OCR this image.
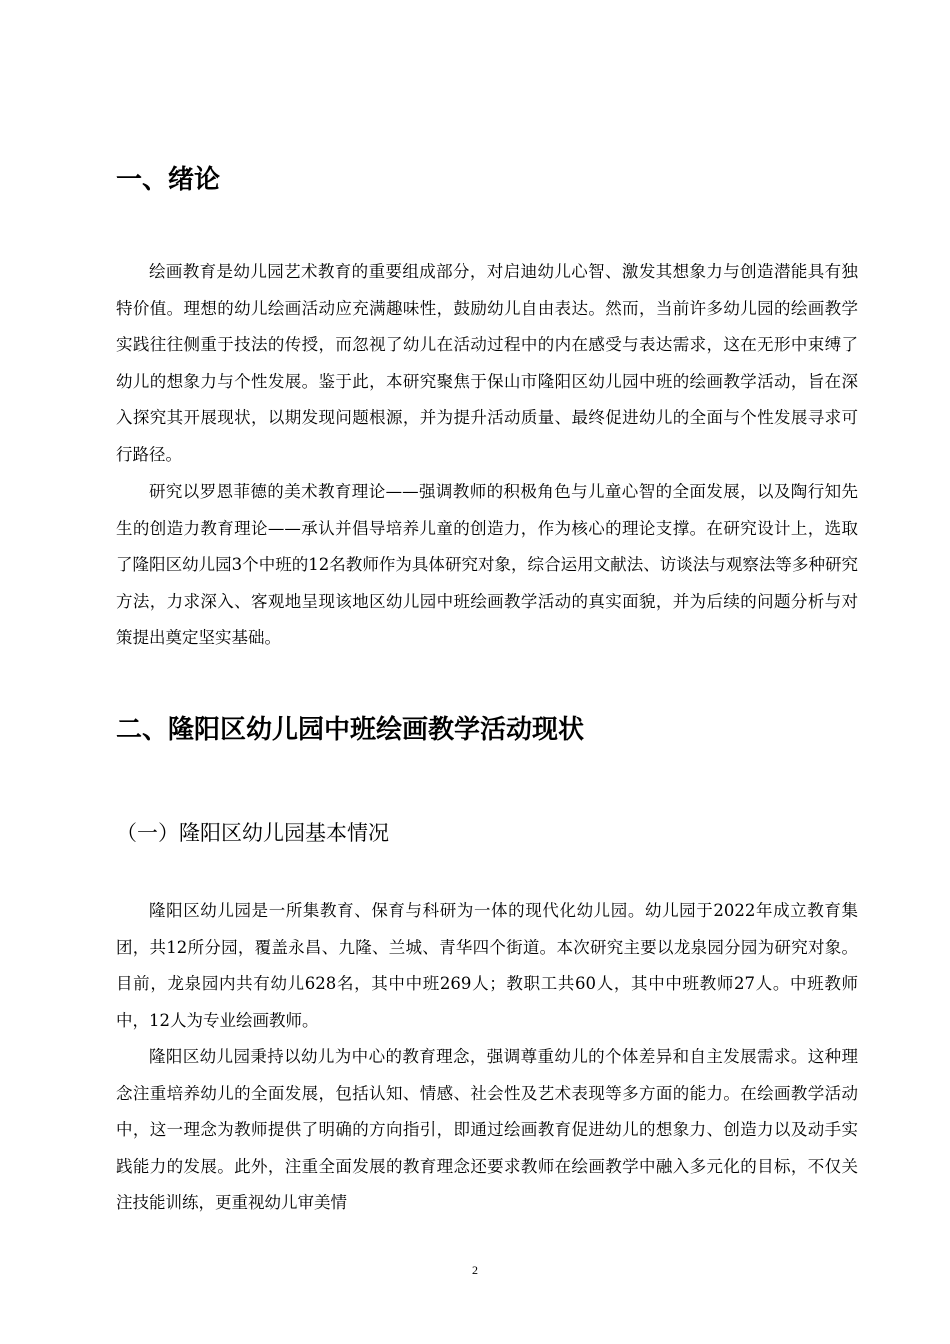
一、绪论

绘画教育是幼儿园艺术教育的重要组成部分，对启迪幼儿心智、激发其想象力与创造潜能具有独特价值。理想的幼儿绘画活动应充满趣味性，鼓励幼儿自由表达。然而，当前许多幼儿园的绘画教学实践往往侧重于技法的传授，而忽视了幼儿在活动过程中的内在感受与表达需求，这在无形中束缚了幼儿的想象力与个性发展。鉴于此，本研究聚焦于保山市隆阳区幼儿园中班的绘画教学活动，旨在深入探究其开展现状，以期发现问题根源，并为提升活动质量、最终促进幼儿的全面与个性发展寻求可行路径。

研究以罗恩菲德的美术教育理论——强调教师的积极角色与儿童心智的全面发展，以及陶行知先生的创造力教育理论——承认并倡导培养儿童的创造力，作为核心的理论支撑。在研究设计上，选取了隆阳区幼儿园3个中班的12名教师作为具体研究对象，综合运用文献法、访谈法与观察法等多种研究方法，力求深入、客观地呈现该地区幼儿园中班绘画教学活动的真实面貌，并为后续的问题分析与对策提出奠定坚实基础。

二、隆阳区幼儿园中班绘画教学活动现状
（一）隆阳区幼儿园基本情况

隆阳区幼儿园是一所集教育、保育与科研为一体的现代化幼儿园。幼儿园于2022年成立教育集团，共12所分园，覆盖永昌、九隆、兰城、青华四个街道。本次研究主要以龙泉园分园为研究对象。目前，龙泉园内共有幼儿628名，其中中班269人；教职工共60人，其中中班教师27人。中班教师中，12人为专业绘画教师。

隆阳区幼儿园秉持以幼儿为中心的教育理念，强调尊重幼儿的个体差异和自主发展需求。这种理念注重培养幼儿的全面发展，包括认知、情感、社会性及艺术表现等多方面的能力。在绘画教学活动中，这一理念为教师提供了明确的方向指引，即通过绘画教育促进幼儿的想象力、创造力以及动手实践能力的发展。此外，注重全面发展的教育理念还要求教师在绘画教学中融入多元化的目标，不仅关注技能训练，更重视幼儿审美情

2
